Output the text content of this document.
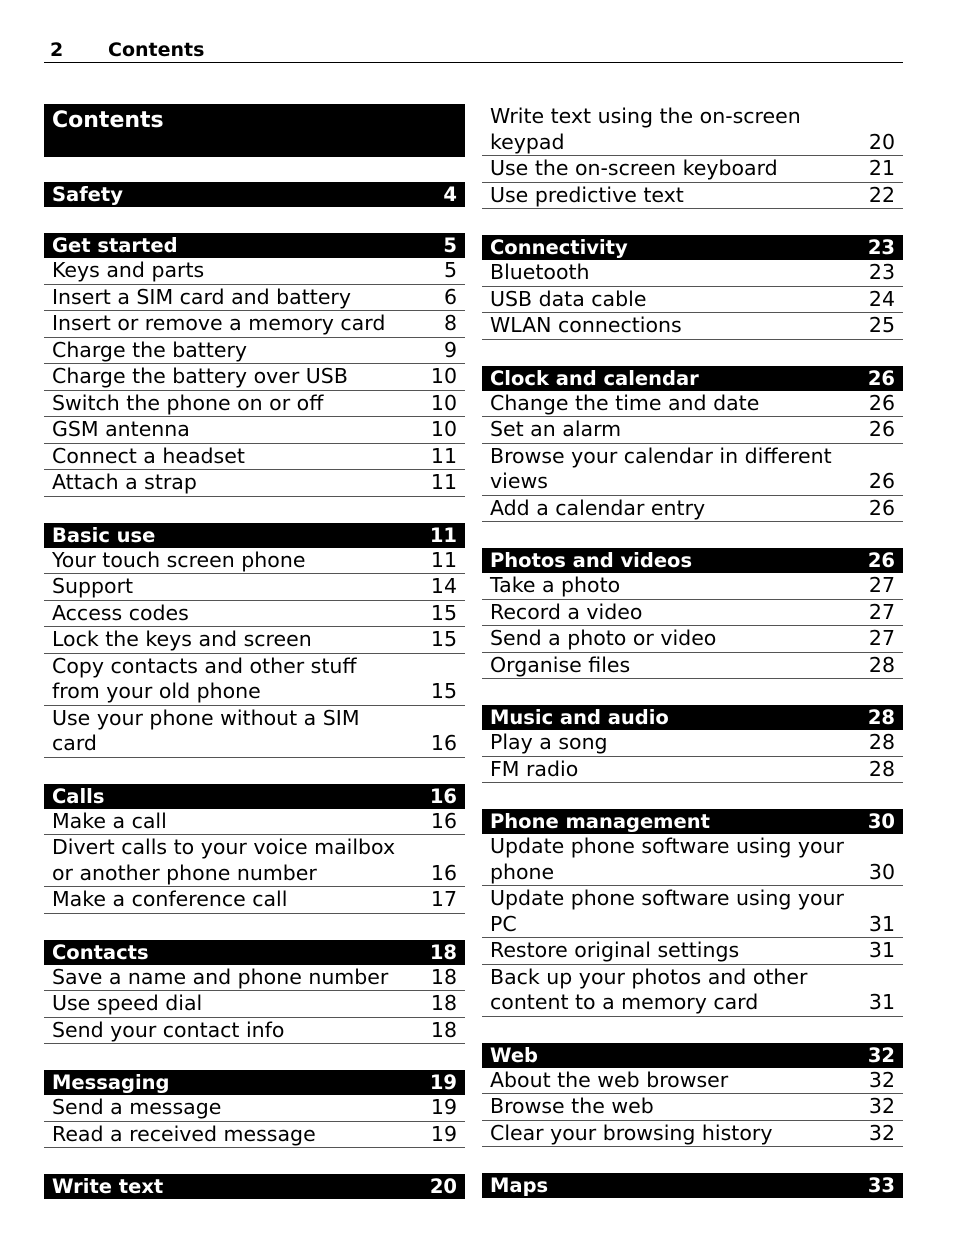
2 Contents
Contents
Safety	4
Get started	5
Keys and parts	5
Insert a SIM card and battery	6
Insert or remove a memory card	8
Charge the battery	9
Charge the battery over USB	10
Switch the phone on or off	10
GSM antenna	10
Connect a headset	11
Attach a strap	11
Basic use	11
Your touch screen phone	11
Support	14
Access codes	15
Lock the keys and screen	15
Copy contacts and other stuff from your old phone	15
Use your phone without a SIM card	16
Calls	16
Make a call	16
Divert calls to your voice mailbox or another phone number	16
Make a conference call	17
Contacts	18
Save a name and phone number	18
Use speed dial	18
Send your contact info	18
Messaging	19
Send a message	19
Read a received message	19
Write text	20
Write text using the on-screen keypad	20
Use the on-screen keyboard	21
Use predictive text	22
Connectivity	23
Bluetooth	23
USB data cable	24
WLAN connections	25
Clock and calendar	26
Change the time and date	26
Set an alarm	26
Browse your calendar in different views	26
Add a calendar entry	26
Photos and videos	26
Take a photo	27
Record a video	27
Send a photo or video	27
Organise files	28
Music and audio	28
Play a song	28
FM radio	28
Phone management	30
Update phone software using your phone	30
Update phone software using your PC	31
Restore original settings	31
Back up your photos and other content to a memory card	31
Web	32
About the web browser	32
Browse the web	32
Clear your browsing history	32
Maps	33
